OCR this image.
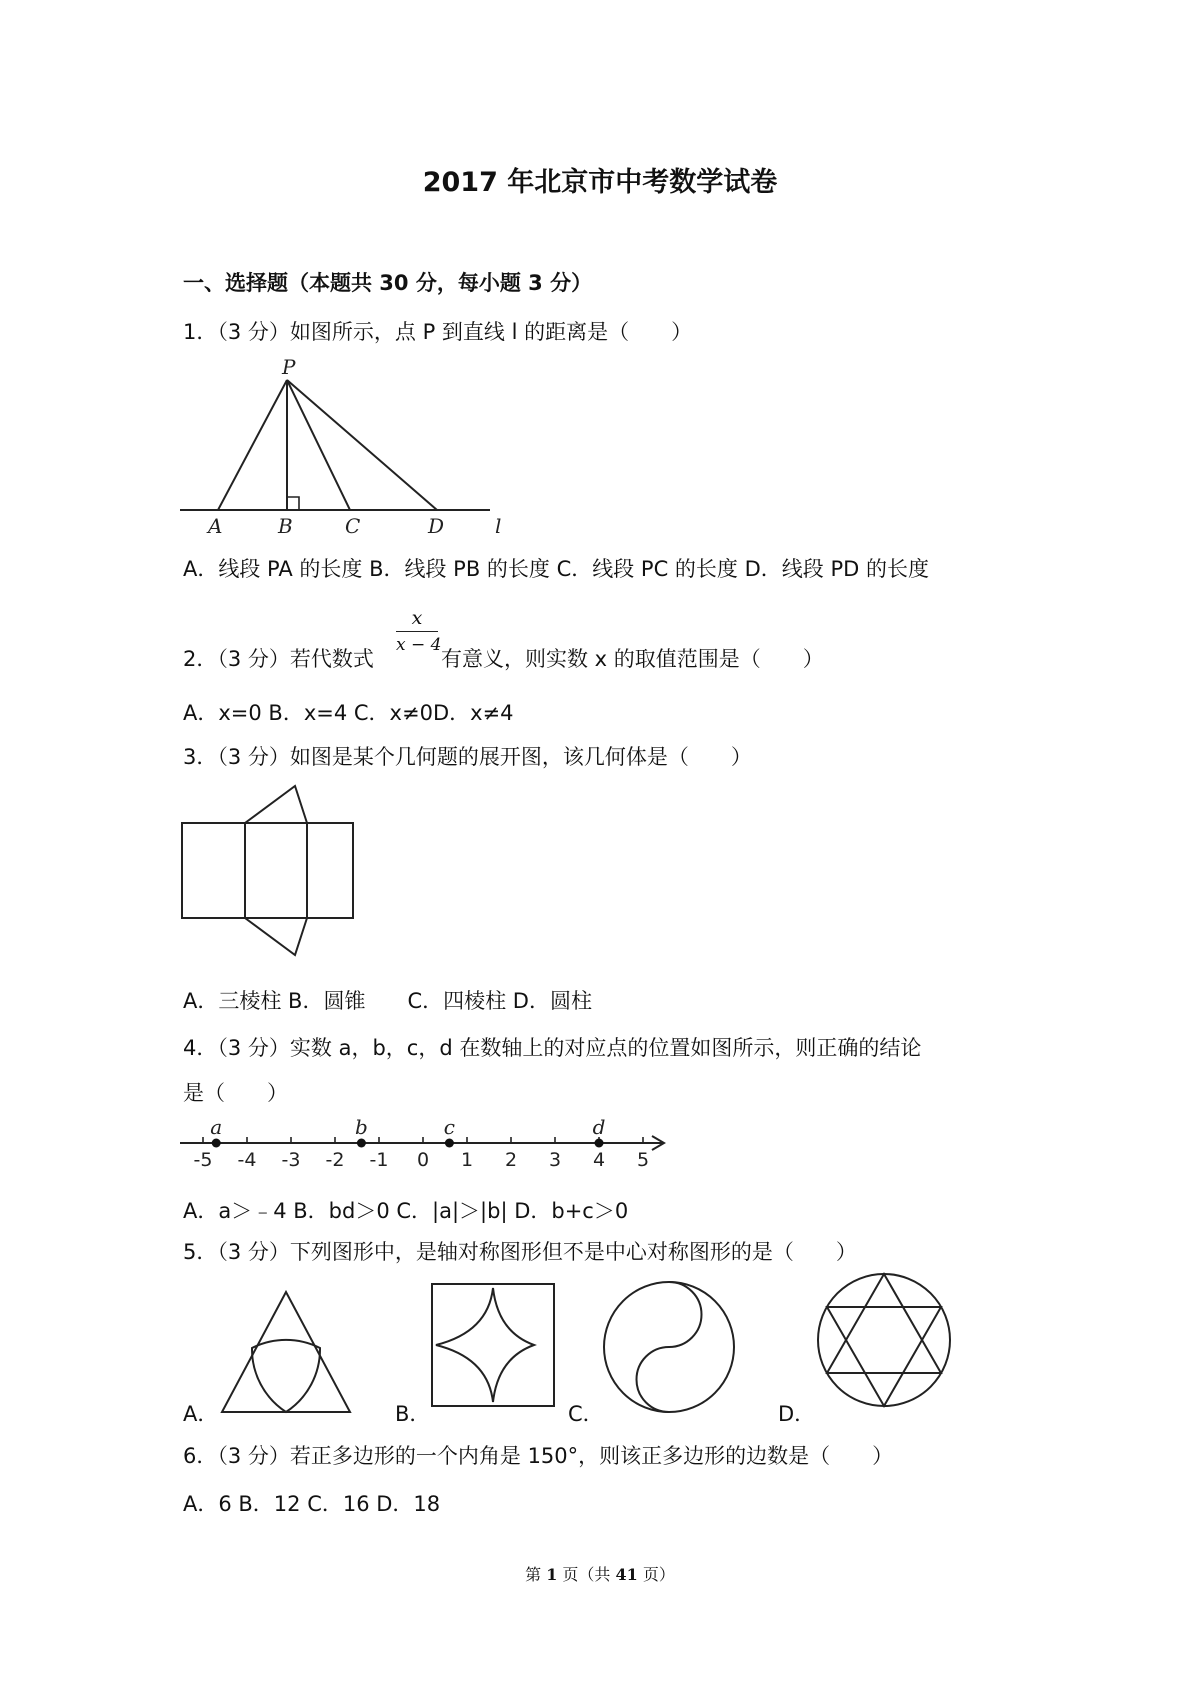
2017 年北京市中考数学试卷
一、选择题（本题共 30 分，每小题 3 分）
1．（3 分）如图所示，点 P 到直线 l 的距离是（　　）
P
A	B	C	D	l
A．线段 PA 的长度 B．线段 PB 的长度 C．线段 PC 的长度 D．线段 PD 的长度
2．（3 分）若代数式
x
x − 4
有意义，则实数 x 的取值范围是（　　）
A．x=0 B．x=4 C．x≠0D．x≠4
3．（3 分）如图是某个几何题的展开图，该几何体是（　　）
A．三棱柱 B．圆锥　　C．四棱柱 D．圆柱
4．（3 分）实数 a，b，c，d 在数轴上的对应点的位置如图所示，则正确的结论
是（　　）
-5 -4 -3 -2 -1 0 1 2 3 4 5
a	b	c	d
A．a＞﹣4 B．bd＞0 C．|a|＞|b| D．b+c＞0
5．（3 分）下列图形中，是轴对称图形但不是中心对称图形的是（　　）
A．	B．	C．	D．
6．（3 分）若正多边形的一个内角是 150°，则该正多边形的边数是（　　）
A．6 B．12 C．16 D．18
第 1 页（共 41 页）
